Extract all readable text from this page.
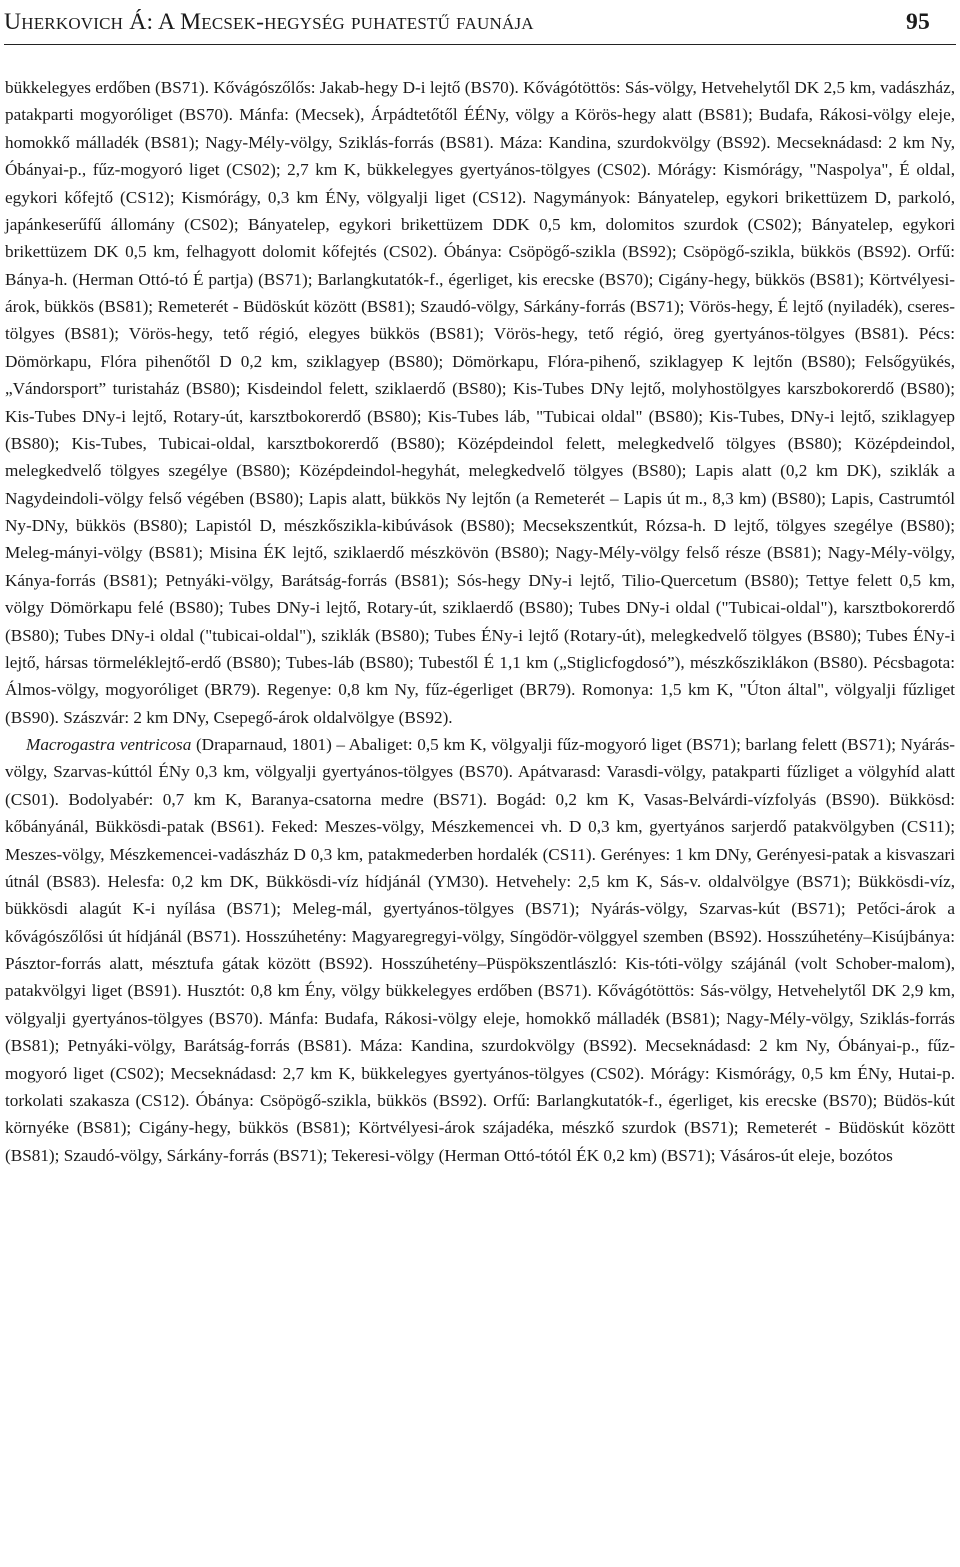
Uherkovich Á: A Mecsek-hegység puhatestű faunája	95

bükkelegyes erdőben (BS71). Kővágószőlős: Jakab-hegy D-i lejtő (BS70). Kővágótöttös: Sás-völgy, Hetvehelytől DK 2,5 km, vadászház, patakparti mogyoróliget (BS70). Mánfa: (Mecsek), Árpádtetőtől ÉÉNy, völgy a Körös-hegy alatt (BS81); Budafa, Rákosi-völgy eleje, homokkő málladék (BS81); Nagy-Mély-völgy, Sziklás-forrás (BS81). Máza: Kandina, szurdokvölgy (BS92). Mecseknádasd: 2 km Ny, Óbányai-p., fűz-mogyoró liget (CS02); 2,7 km K, bükkelegyes gyertyános-tölgyes (CS02). Mórágy: Kismórágy, "Naspolya", É oldal, egykori kőfejtő (CS12); Kismórágy, 0,3 km ÉNy, völgyalji liget (CS12). Nagymányok: Bányatelep, egykori brikettüzem D, parkoló, japánkeserűfű állomány (CS02); Bányatelep, egykori brikettüzem DDK 0,5 km, dolomitos szurdok (CS02); Bányatelep, egykori brikettüzem DK 0,5 km, felhagyott dolomit kőfejtés (CS02). Óbánya: Csöpögő-szikla (BS92); Csöpögő-szikla, bükkös (BS92). Orfű: Bánya-h. (Herman Ottó-tó É partja) (BS71); Barlangkutatók-f., égerliget, kis erecske (BS70); Cigány-hegy, bükkös (BS81); Körtvélyesi-árok, bükkös (BS81); Remeterét - Büdöskút között (BS81); Szaudó-völgy, Sárkány-forrás (BS71); Vörös-hegy, É lejtő (nyiladék), cseres-tölgyes (BS81); Vörös-hegy, tető régió, elegyes bükkös (BS81); Vörös-hegy, tető régió, öreg gyertyános-tölgyes (BS81). Pécs: Dömörkapu, Flóra pihenőtől D 0,2 km, sziklagyep (BS80); Dömörkapu, Flóra-pihenő, sziklagyep K lejtőn (BS80); Felsőgyükés, „Vándorsport” turistaház (BS80); Kisdeindol felett, sziklaerdő (BS80); Kis-Tubes DNy lejtő, molyhostölgyes karszbokorerdő (BS80); Kis-Tubes DNy-i lejtő, Rotary-út, karsztbokorerdő (BS80); Kis-Tubes láb, "Tubicai oldal" (BS80); Kis-Tubes, DNy-i lejtő, sziklagyep (BS80); Kis-Tubes, Tubicai-oldal, karsztbokorerdő (BS80); Középdeindol felett, melegkedvelő tölgyes (BS80); Középdeindol, melegkedvelő tölgyes szegélye (BS80); Középdeindol-hegyhát, melegkedvelő tölgyes (BS80); Lapis alatt (0,2 km DK), sziklák a Nagydeindoli-völgy felső végében (BS80); Lapis alatt, bükkös Ny lejtőn (a Remeterét – Lapis út m., 8,3 km) (BS80); Lapis, Castrumtól Ny-DNy, bükkös (BS80); Lapistól D, mészkőszikla-kibúvások (BS80); Mecsekszentkút, Rózsa-h. D lejtő, tölgyes szegélye (BS80); Meleg-mányi-völgy (BS81); Misina ÉK lejtő, sziklaerdő mészkövön (BS80); Nagy-Mély-völgy felső része (BS81); Nagy-Mély-völgy, Kánya-forrás (BS81); Petnyáki-völgy, Barátság-forrás (BS81); Sós-hegy DNy-i lejtő, Tilio-Quercetum (BS80); Tettye felett 0,5 km, völgy Dömörkapu felé (BS80); Tubes DNy-i lejtő, Rotary-út, sziklaerdő (BS80); Tubes DNy-i oldal ("Tubicai-oldal"), karsztbokorerdő (BS80); Tubes DNy-i oldal ("tubicai-oldal"), sziklák (BS80); Tubes ÉNy-i lejtő (Rotary-út), melegkedvelő tölgyes (BS80); Tubes ÉNy-i lejtő, hársas törmeléklejtő-erdő (BS80); Tubes-láb (BS80); Tubestől É 1,1 km („Stiglicfogdosó”), mészkősziklákon (BS80). Pécsbagota: Álmos-völgy, mogyoróliget (BR79). Regenye: 0,8 km Ny, fűz-égerliget (BR79). Romonya: 1,5 km K, "Úton által", völgyalji fűzliget (BS90). Szászvár: 2 km DNy, Csepegő-árok oldalvölgye (BS92).

Macrogastra ventricosa (Draparnaud, 1801) – Abaliget: 0,5 km K, völgyalji fűz-mogyoró liget (BS71); barlang felett (BS71); Nyárás-völgy, Szarvas-kúttól ÉNy 0,3 km, völgyalji gyertyános-tölgyes (BS70). Apátvarasd: Varasdi-völgy, patakparti fűzliget a völgyhíd alatt (CS01). Bodolyabér: 0,7 km K, Baranya-csatorna medre (BS71). Bogád: 0,2 km K, Vasas-Belvárdi-vízfolyás (BS90). Bükkösd: kőbányánál, Bükkösdi-patak (BS61). Feked: Meszes-völgy, Mészkemencei vh. D 0,3 km, gyertyános sarjerdő patakvölgyben (CS11); Meszes-völgy, Mészkemencei-vadászház D 0,3 km, patakmederben hordalék (CS11). Gerényes: 1 km DNy, Gerényesi-patak a kisvaszari útnál (BS83). Helesfa: 0,2 km DK, Bükkösdi-víz hídjánál (YM30). Hetvehely: 2,5 km K, Sás-v. oldalvölgye (BS71); Bükkösdi-víz, bükkösdi alagút K-i nyílása (BS71); Meleg-mál, gyertyános-tölgyes (BS71); Nyárás-völgy, Szarvas-kút (BS71); Petőci-árok a kővágószőlősi út hídjánál (BS71). Hosszúhetény: Magyaregregyi-völgy, Síngödör-völggyel szemben (BS92). Hosszúhetény–Kisújbánya: Pásztor-forrás alatt, mésztufa gátak között (BS92). Hosszúhetény–Püspökszentlászló: Kis-tóti-völgy szájánál (volt Schober-malom), patakvölgyi liget (BS91). Husztót: 0,8 km Ény, völgy bükkelegyes erdőben (BS71). Kővágótöttös: Sás-völgy, Hetvehelytől DK 2,9 km, völgyalji gyertyános-tölgyes (BS70). Mánfa: Budafa, Rákosi-völgy eleje, homokkő málladék (BS81); Nagy-Mély-völgy, Sziklás-forrás (BS81); Petnyáki-völgy, Barátság-forrás (BS81). Máza: Kandina, szurdokvölgy (BS92). Mecseknádasd: 2 km Ny, Óbányai-p., fűz-mogyoró liget (CS02); Mecseknádasd: 2,7 km K, bükkelegyes gyertyános-tölgyes (CS02). Mórágy: Kismórágy, 0,5 km ÉNy, Hutai-p. torkolati szakasza (CS12). Óbánya: Csöpögő-szikla, bükkös (BS92). Orfű: Barlangkutatók-f., égerliget, kis erecske (BS70); Büdös-kút környéke (BS81); Cigány-hegy, bükkös (BS81); Körtvélyesi-árok szájadéka, mészkő szurdok (BS71); Remeterét - Büdöskút között (BS81); Szaudó-völgy, Sárkány-forrás (BS71); Tekeresi-völgy (Herman Ottó-tótól ÉK 0,2 km) (BS71); Vásáros-út eleje, bozótos
